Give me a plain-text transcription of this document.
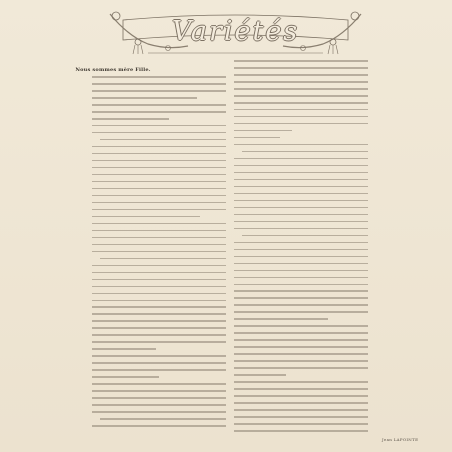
Variétés
Nous sommes mère Fille.
Jean LAPOINTE
